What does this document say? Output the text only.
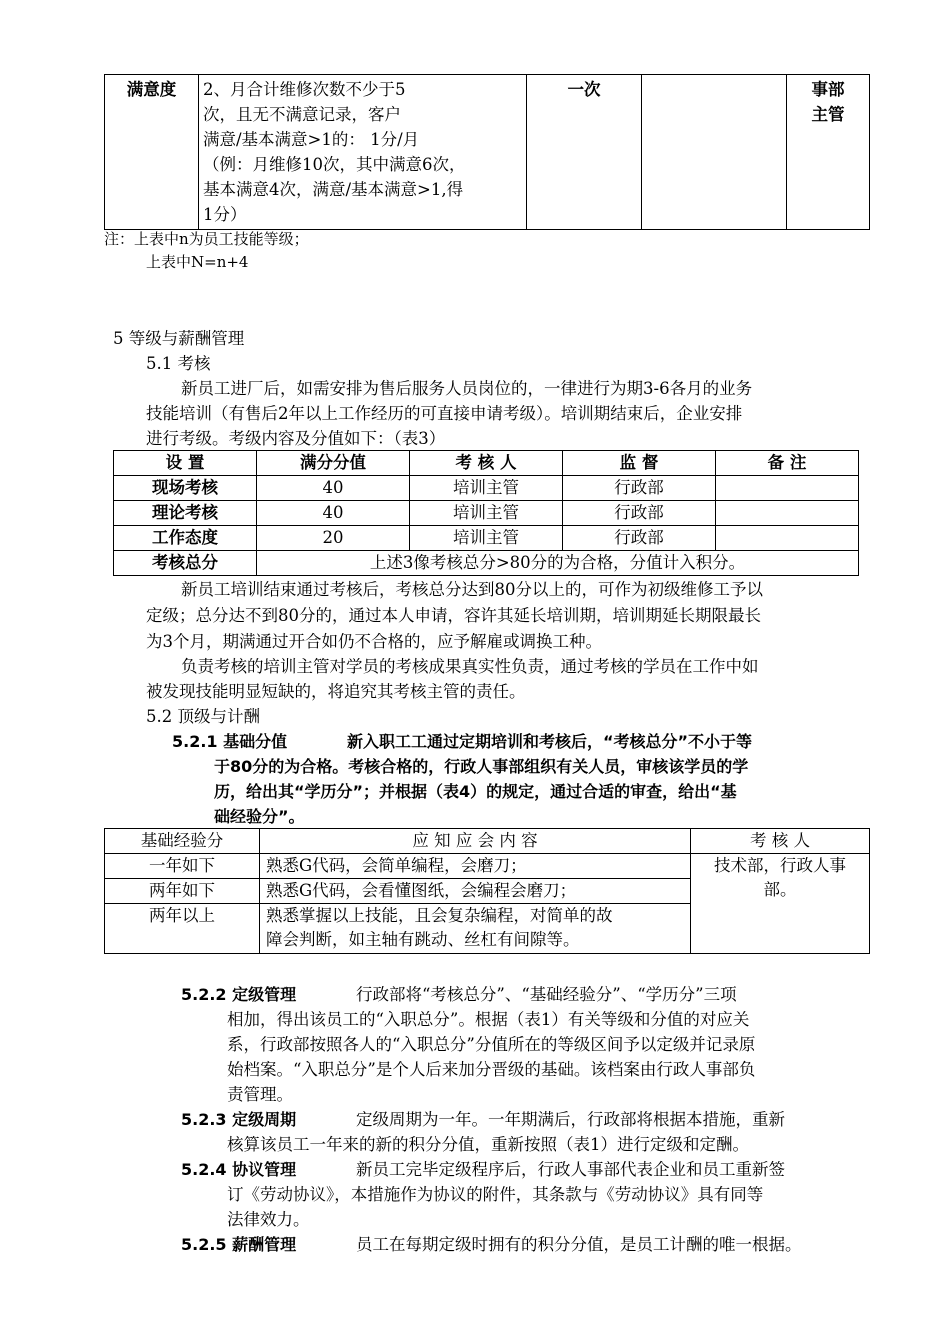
满意度	2、月合计维修次数不少于5
次，且无不满意记录，客户
满意/基本满意>1的： 1分/月
（例：月维修10次，其中满意6次，
基本满意4次，满意/基本满意>1,得
1分）

一次		事部
主管
注：上表中n为员工技能等级；
上表中N=n+4
5 等级与薪酬管理
5.1 考核
新员工进厂后，如需安排为售后服务人员岗位的，一律进行为期3-6各月的业务
技能培训（有售后2年以上工作经历的可直接申请考级）。培训期结束后，企业安排
进行考级。考级内容及分值如下：（表3）
设 置	满分分值	考 核 人	监 督	备 注
现场考核	40	培训主管	行政部	
理论考核	40	培训主管	行政部	
工作态度	20	培训主管	行政部	
考核总分	上述3像考核总分>80分的为合格，分值计入积分。			
新员工培训结束通过考核后，考核总分达到80分以上的，可作为初级维修工予以
定级；总分达不到80分的，通过本人申请，容许其延长培训期，培训期延长期限最长
为3个月，期满通过开合如仍不合格的，应予解雇或调换工种。
负责考核的培训主管对学员的考核成果真实性负责，通过考核的学员在工作中如
被发现技能明显短缺的，将追究其考核主管的责任。
5.2 顶级与计酬
5.2.1 基础分值	新入职工工通过定期培训和考核后，“考核总分”不小于等
于80分的为合格。考核合格的，行政人事部组织有关人员，审核该学员的学
历，给出其“学历分”；并根据（表4）的规定，通过合适的审查，给出“基
础经验分”。
基础经验分	应 知 应 会 内 容	考 核 人
一年如下	熟悉G代码，会简单编程，会磨刀；	技术部，行政人事
部。

两年如下	熟悉G代码，会看懂图纸，会编程会磨刀；	
两年以上	熟悉掌握以上技能，且会复杂编程，对简单的故
障会判断，如主轴有跳动、丝杠有间隙等。	
5.2.2 定级管理	行政部将“考核总分”、“基础经验分”、“学历分”三项
相加，得出该员工的“入职总分”。根据（表1）有关等级和分值的对应关
系，行政部按照各人的“入职总分”分值所在的等级区间予以定级并记录原
始档案。“入职总分”是个人后来加分晋级的基础。该档案由行政人事部负
责管理。
5.2.3 定级周期	定级周期为一年。一年期满后，行政部将根据本措施，重新
核算该员工一年来的新的积分分值，重新按照（表1）进行定级和定酬。
5.2.4 协议管理	新员工完毕定级程序后，行政人事部代表企业和员工重新签
订《劳动协议》，本措施作为协议的附件，其条款与《劳动协议》具有同等
法律效力。
5.2.5 薪酬管理	员工在每期定级时拥有的积分分值，是员工计酬的唯一根据。
